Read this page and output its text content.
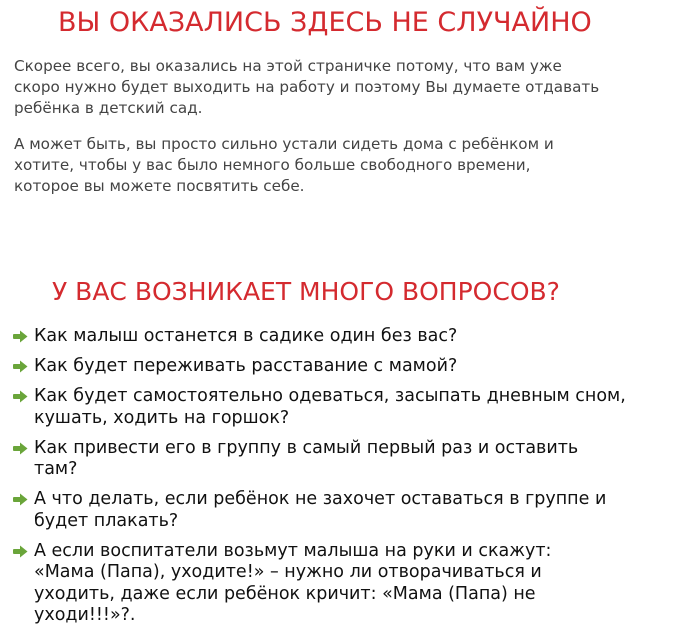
ВЫ ОКАЗАЛИСЬ ЗДЕСЬ НЕ СЛУЧАЙНО

Скорее всего, вы оказались на этой страничке потому, что вам уже
скоро нужно будет выходить на работу и поэтому Вы думаете отдавать
ребёнка в детский сад.

А может быть, вы просто сильно устали сидеть дома с ребёнком и
хотите, чтобы у вас было немного больше свободного времени,
которое вы можете посвятить себе.

У ВАС ВОЗНИКАЕТ МНОГО ВОПРОСОВ?
Как малыш останется в садике один без вас?
Как будет переживать расставание с мамой?
Как будет самостоятельно одеваться, засыпать дневным сном,
кушать, ходить на горшок?
Как привести его в группу в самый первый раз и оставить
там?
А что делать, если ребёнок не захочет оставаться в группе и
будет плакать?
А если воспитатели возьмут малыша на руки и скажут:
«Мама (Папа), уходите!» – нужно ли отворачиваться и
уходить, даже если ребёнок кричит: «Мама (Папа) не
уходи!!!»?.
